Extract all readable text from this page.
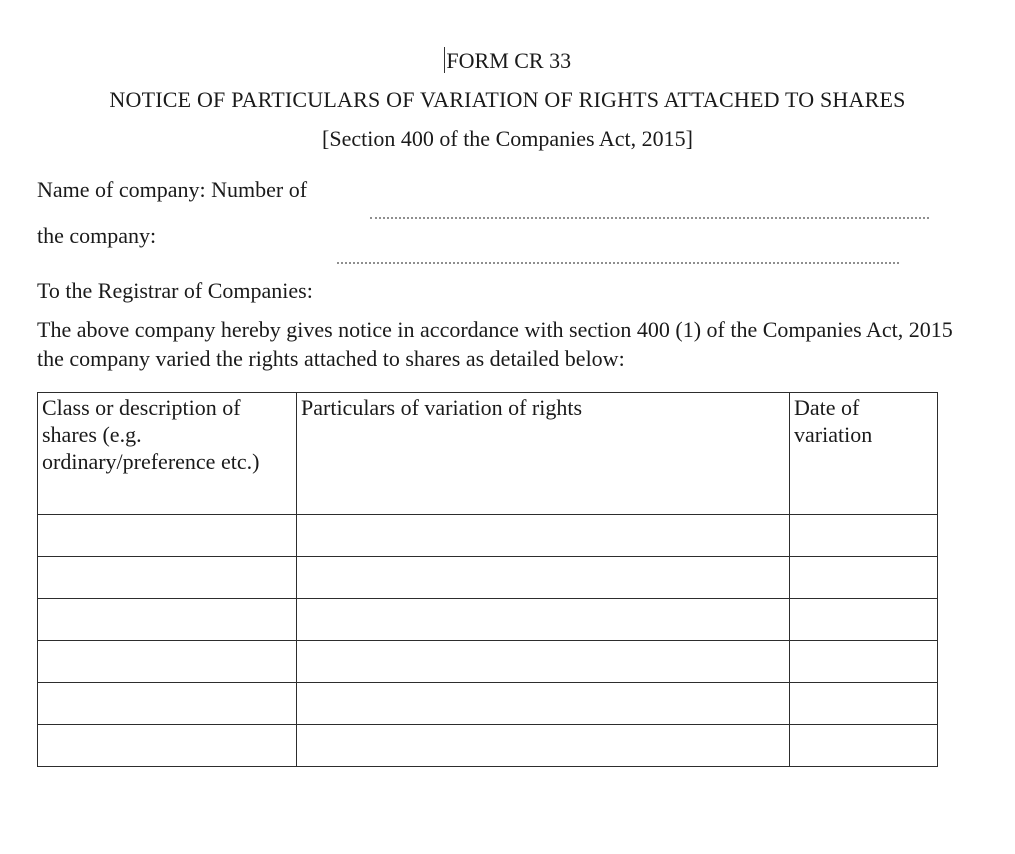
FORM CR 33
NOTICE OF PARTICULARS OF VARIATION OF RIGHTS ATTACHED TO SHARES
[Section 400 of the Companies Act, 2015]
Name of company: Number of
the company:
To the Registrar of Companies:
The above company hereby gives notice in accordance with section 400 (1) of the Companies Act, 2015 the company varied the rights attached to shares as detailed below:
Class or description of shares (e.g. ordinary/preference etc.)	Particulars of variation of rights	Date of variation
